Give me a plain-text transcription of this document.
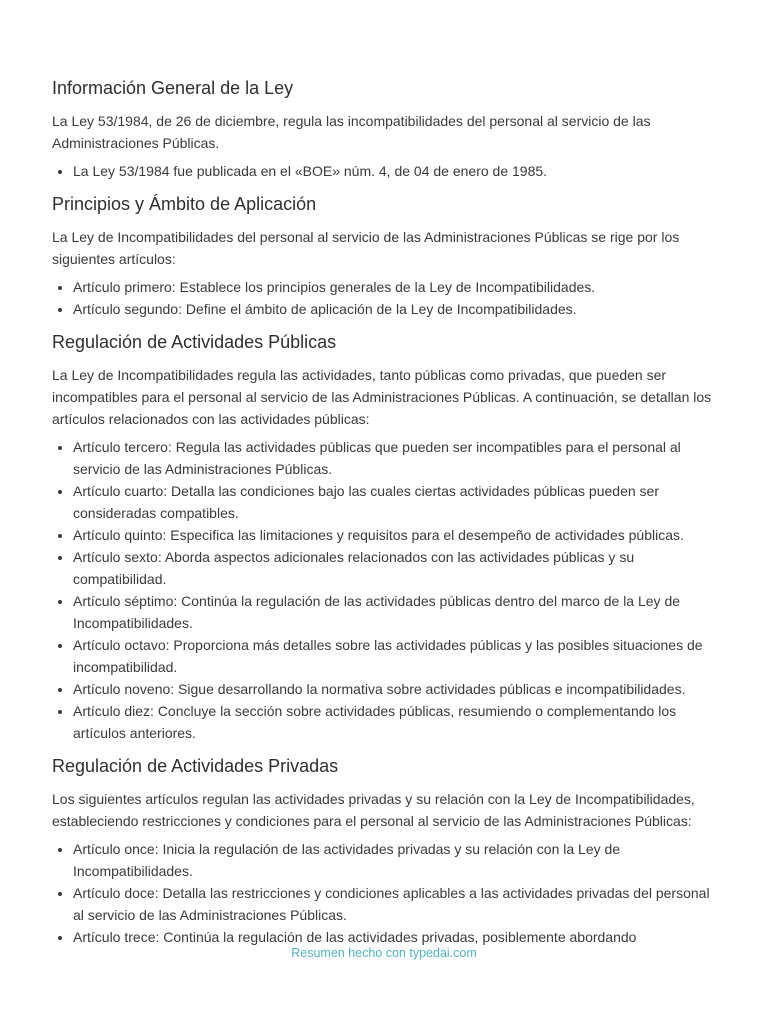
Información General de la Ley

La Ley 53/1984, de 26 de diciembre, regula las incompatibilidades del personal al servicio de las Administraciones Públicas.

• La Ley 53/1984 fue publicada en el «BOE» núm. 4, de 04 de enero de 1985.
Principios y Ámbito de Aplicación

La Ley de Incompatibilidades del personal al servicio de las Administraciones Públicas se rige por los siguientes artículos:

• Artículo primero: Establece los principios generales de la Ley de Incompatibilidades.
• Artículo segundo: Define el ámbito de aplicación de la Ley de Incompatibilidades.
Regulación de Actividades Públicas

La Ley de Incompatibilidades regula las actividades, tanto públicas como privadas, que pueden ser incompatibles para el personal al servicio de las Administraciones Públicas. A continuación, se detallan los artículos relacionados con las actividades públicas:

• Artículo tercero: Regula las actividades públicas que pueden ser incompatibles para el personal al servicio de las Administraciones Públicas.
• Artículo cuarto: Detalla las condiciones bajo las cuales ciertas actividades públicas pueden ser consideradas compatibles.
• Artículo quinto: Especifica las limitaciones y requisitos para el desempeño de actividades públicas.
• Artículo sexto: Aborda aspectos adicionales relacionados con las actividades públicas y su compatibilidad.
• Artículo séptimo: Continúa la regulación de las actividades públicas dentro del marco de la Ley de Incompatibilidades.
• Artículo octavo: Proporciona más detalles sobre las actividades públicas y las posibles situaciones de incompatibilidad.
• Artículo noveno: Sigue desarrollando la normativa sobre actividades públicas e incompatibilidades.
• Artículo diez: Concluye la sección sobre actividades públicas, resumiendo o complementando los artículos anteriores.
Regulación de Actividades Privadas

Los siguientes artículos regulan las actividades privadas y su relación con la Ley de Incompatibilidades, estableciendo restricciones y condiciones para el personal al servicio de las Administraciones Públicas:

• Artículo once: Inicia la regulación de las actividades privadas y su relación con la Ley de Incompatibilidades.
• Artículo doce: Detalla las restricciones y condiciones aplicables a las actividades privadas del personal al servicio de las Administraciones Públicas.
• Artículo trece: Continúa la regulación de las actividades privadas, posiblemente abordando
Resumen hecho con typedai.com
